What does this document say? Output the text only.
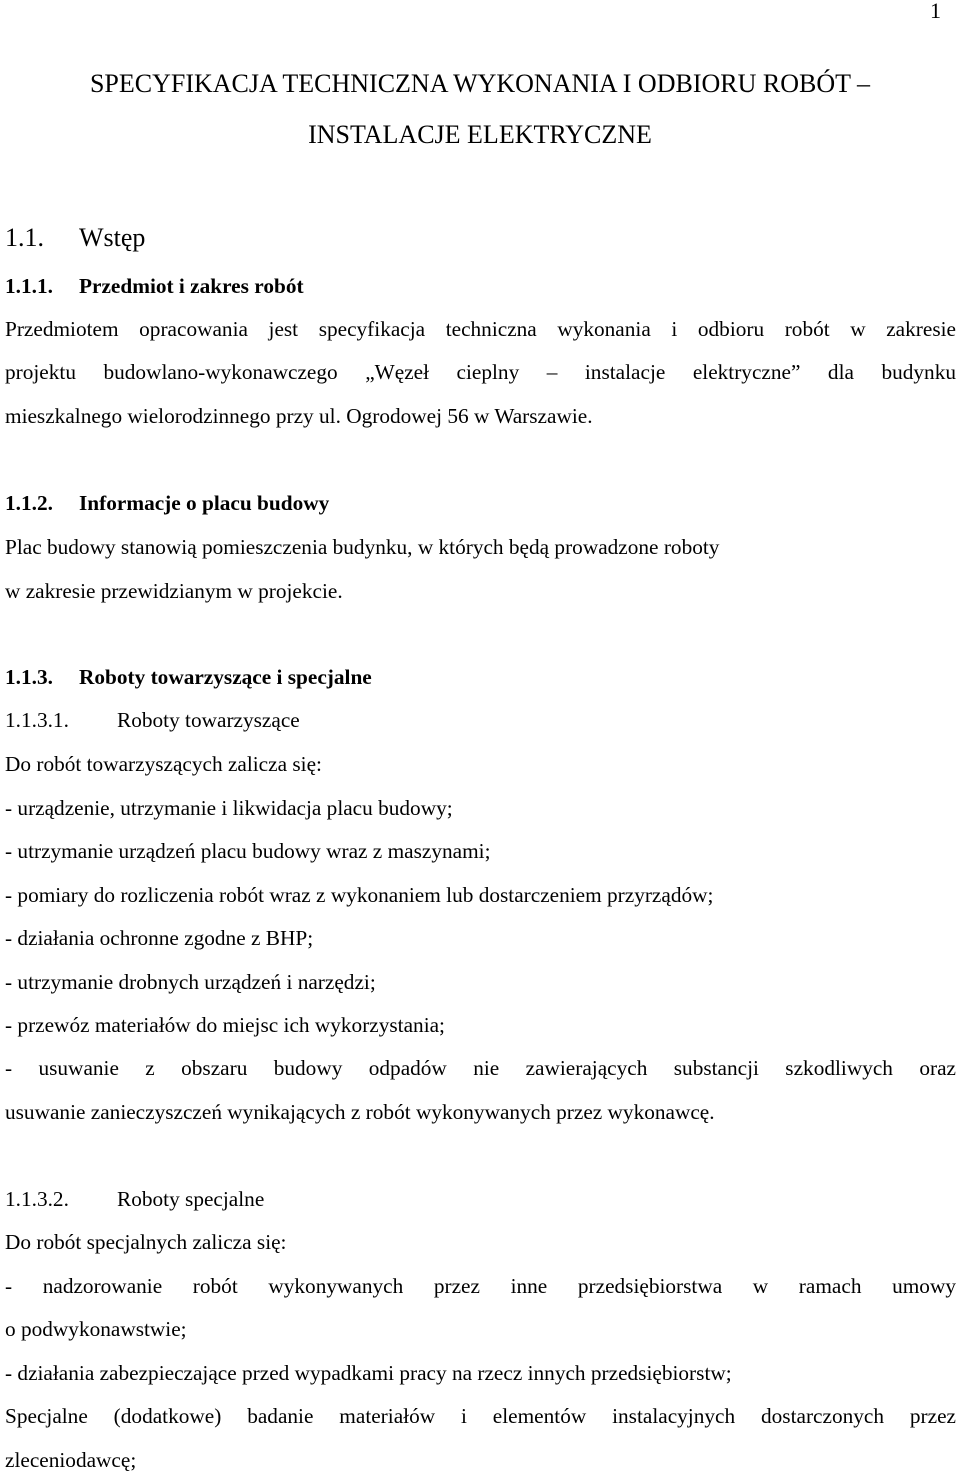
1
SPECYFIKACJA TECHNICZNA WYKONANIA I ODBIORU ROBÓT –
INSTALACJE ELEKTRYCZNE
1.1. Wstęp
1.1.1. Przedmiot i zakres robót
Przedmiotem opracowania jest specyfikacja techniczna wykonania i odbioru robót w zakresie
projektu budowlano-wykonawczego „Węzeł cieplny – instalacje elektryczne” dla budynku
mieszkalnego wielorodzinnego przy ul. Ogrodowej 56 w Warszawie.
1.1.2. Informacje o placu budowy
Plac budowy stanowią pomieszczenia budynku, w których będą prowadzone roboty
w zakresie przewidzianym w projekcie.
1.1.3. Roboty towarzyszące i specjalne
1.1.3.1. Roboty towarzyszące
Do robót towarzyszących zalicza się:
- urządzenie, utrzymanie i likwidacja placu budowy;
- utrzymanie urządzeń placu budowy wraz z maszynami;
- pomiary do rozliczenia robót wraz z wykonaniem lub dostarczeniem przyrządów;
- działania ochronne zgodne z BHP;
- utrzymanie drobnych urządzeń i narzędzi;
- przewóz materiałów do miejsc ich wykorzystania;
- usuwanie z obszaru budowy odpadów nie zawierających substancji szkodliwych oraz
usuwanie zanieczyszczeń wynikających z robót wykonywanych przez wykonawcę.
1.1.3.2. Roboty specjalne
Do robót specjalnych zalicza się:
- nadzorowanie robót wykonywanych przez inne przedsiębiorstwa w ramach umowy
o podwykonawstwie;
- działania zabezpieczające przed wypadkami pracy na rzecz innych przedsiębiorstw;
Specjalne (dodatkowe) badanie materiałów i elementów instalacyjnych dostarczonych przez
zleceniodawcę;
